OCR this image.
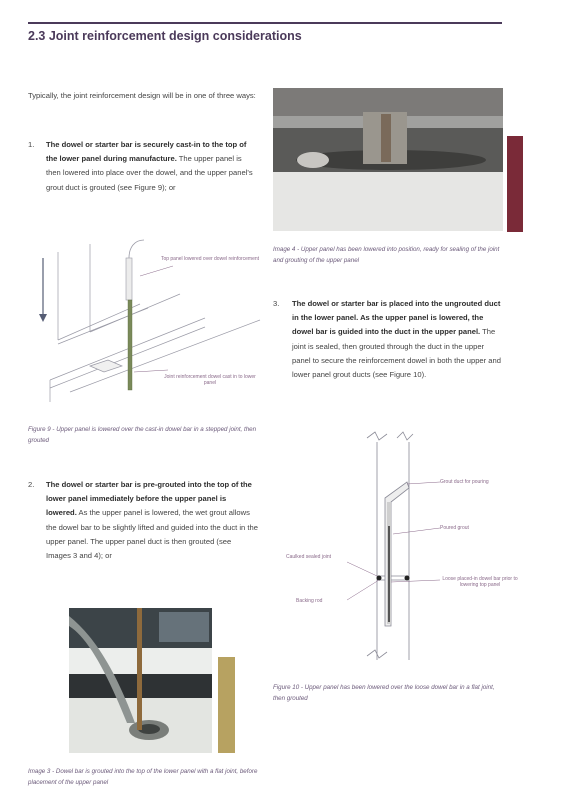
2.3 Joint reinforcement design considerations
Typically, the joint reinforcement design will be in one of three ways:
1. The dowel or starter bar is securely cast-in to the top of the lower panel during manufacture. The upper panel is then lowered into place over the dowel, and the upper panel's grout duct is grouted (see Figure 9); or
Top panel lowered over dowel reinforcement
Joint reinforcement dowel cast in to lower panel
Figure 9 - Upper panel is lowered over the cast-in dowel bar in a stepped joint, then grouted
2. The dowel or starter bar is pre-grouted into the top of the lower panel immediately before the upper panel is lowered. As the upper panel is lowered, the wet grout allows the dowel bar to be slightly lifted and guided into the duct in the upper panel. The upper panel duct is then grouted (see Images 3 and 4); or
Image 3 - Dowel bar is grouted into the top of the lower panel with a flat joint, before placement of the upper panel
Image 4 - Upper panel has been lowered into position, ready for sealing of the joint and grouting of the upper panel
3. The dowel or starter bar is placed into the ungrouted duct in the lower panel. As the upper panel is lowered, the dowel bar is guided into the duct in the upper panel. The joint is sealed, then grouted through the duct in the upper panel to secure the reinforcement dowel in both the upper and lower panel grout ducts (see Figure 10).
Grout duct for pouring
Poured grout
Caulked sealed joint
Backing rod
Loose placed-in dowel bar prior to lowering top panel
Figure 10 - Upper panel has been lowered over the loose dowel bar in a flat joint, then grouted
